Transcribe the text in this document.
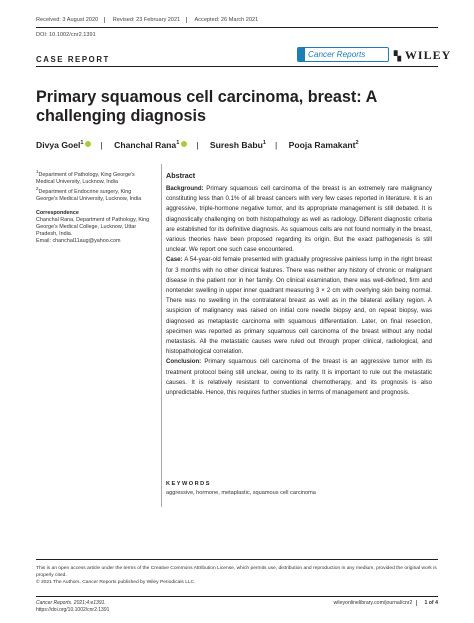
Received: 3 August 2020	Revised: 23 February 2021	Accepted: 26 March 2021
DOI: 10.1002/cnr2.1391
CASE REPORT
Cancer Reports	▚ WILEY
Primary squamous cell carcinoma, breast: A challenging diagnosis
Divya Goel$^1$ | Chanchal Rana$^1$ | Suresh Babu$^1$ | Pooja Ramakant$^2$
$^1$Department of Pathology, King George's Medical University, Lucknow, India
$^2$Department of Endocrine surgery, King George's Medical University, Lucknow, India
Correspondence
Chanchal Rana, Department of Pathology, King George's Medical College, Lucknow, Uttar Pradesh, India.
Email: chanchal11aug@yahoo.com
Abstract

Background: Primary squamous cell carcinoma of the breast is an extremely rare malignancy constituting less than 0.1% of all breast cancers with very few cases reported in literature. It is an aggressive, triple-hormone negative tumor, and its appropriate management is still debated. It is diagnostically challenging on both histopathology as well as radiology. Different diagnostic criteria are established for its definitive diagnosis. As squamous cells are not found normally in the breast, various theories have been proposed regarding its origin. But the exact pathogenesis is still unclear. We report one such case encountered.

Case: A 54-year-old female presented with gradually progressive painless lump in the right breast for 3 months with no other clinical features. There was neither any history of chronic or malignant disease in the patient nor in her family. On clinical examination, there was well-defined, firm and nontender swelling in upper inner quadrant measuring 3 × 2 cm with overlying skin being normal. There was no swelling in the contralateral breast as well as in the bilateral axillary region. A suspicion of malignancy was raised on initial core needle biopsy and, on repeat biopsy, was diagnosed as metaplastic carcinoma with squamous differentiation. Later, on final resection, specimen was reported as primary squamous cell carcinoma of the breast without any nodal metastasis. All the metastatic causes were ruled out through proper clinical, radiological, and histopathological correlation.

Conclusion: Primary squamous cell carcinoma of the breast is an aggressive tumor with its treatment protocol being still unclear, owing to its rarity. It is important to rule out the metastatic causes. It is relatively resistant to conventional chemotherapy, and its prognosis is also unpredictable. Hence, this requires further studies in terms of management and prognosis.

KEYWORDS
aggressive, hormone, metaplastic, squamous cell carcinoma
This is an open access article under the terms of the Creative Commons Attribution License, which permits use, distribution and reproduction in any medium, provided the original work is properly cited.
© 2021 The Authors. Cancer Reports published by Wiley Periodicals LLC.
Cancer Reports. 2021;4:e1391.
https://doi.org/10.1002/cnr2.1391
wileyonlinelibrary.com/journal/cnr2 1 of 4
